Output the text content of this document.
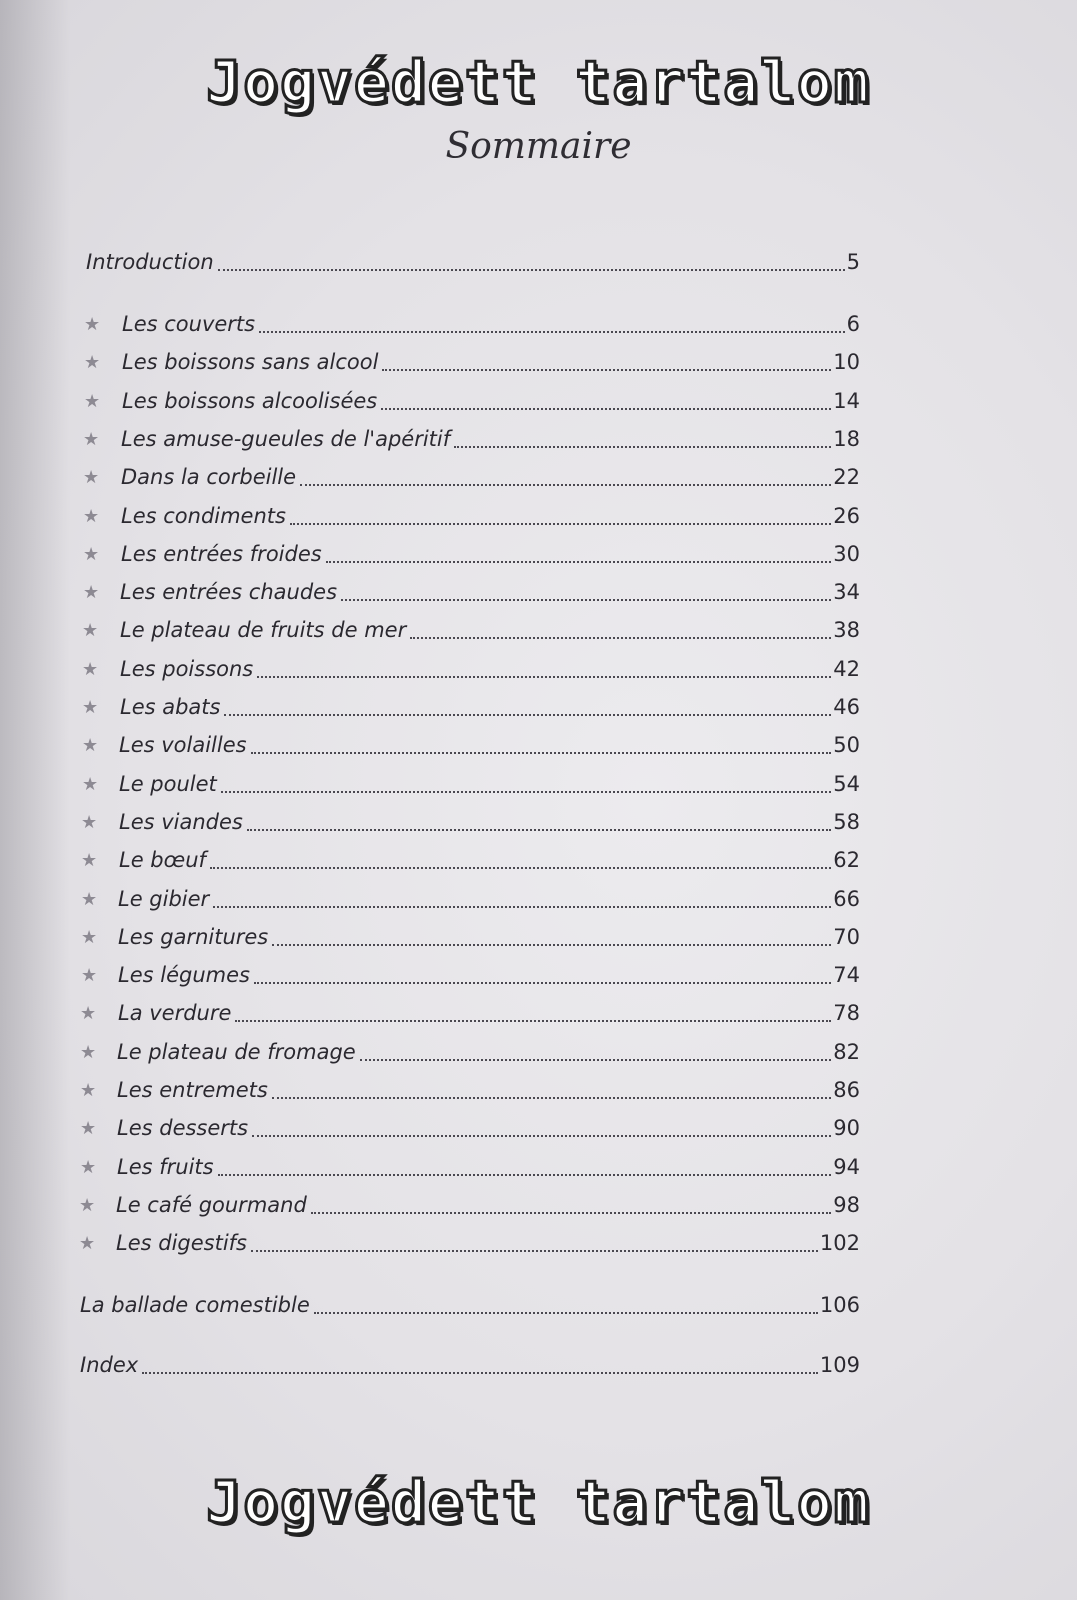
Jogvédett tartalom
Sommaire
Introduction	5
★ Les couverts	6
★ Les boissons sans alcool	10
★ Les boissons alcoolisées	14
★ Les amuse-gueules de l'apéritif	18
★ Dans la corbeille	22
★ Les condiments	26
★ Les entrées froides	30
★ Les entrées chaudes	34
★ Le plateau de fruits de mer	38
★ Les poissons	42
★ Les abats	46
★ Les volailles	50
★ Le poulet	54
★ Les viandes	58
★ Le bœuf	62
★ Le gibier	66
★ Les garnitures	70
★ Les légumes	74
★ La verdure	78
★ Le plateau de fromage	82
★ Les entremets	86
★ Les desserts	90
★ Les fruits	94
★ Le café gourmand	98
★ Les digestifs	102
La ballade comestible	106
Index	109
Jogvédett tartalom
